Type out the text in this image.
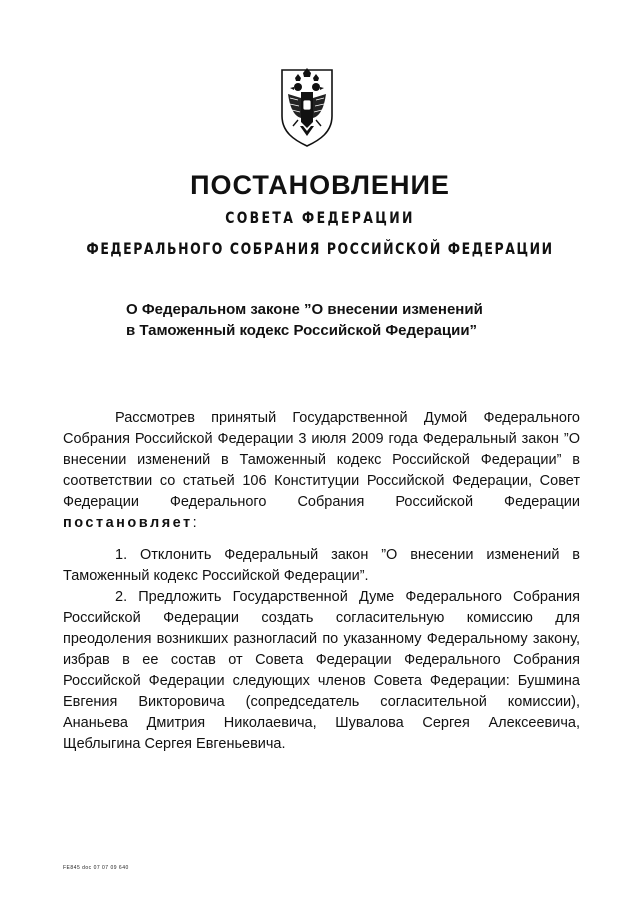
ПОСТАНОВЛЕНИЕ
СОВЕТА ФЕДЕРАЦИИ
ФЕДЕРАЛЬНОГО СОБРАНИЯ РОССИЙСКОЙ ФЕДЕРАЦИИ
О Федеральном законе ”О внесении изменений
в Таможенный кодекс Российской Федерации”

Рассмотрев принятый Государственной Думой Федерального Собрания Российской Федерации 3 июля 2009 года Федеральный закон ”О внесении изменений в Таможенный кодекс Российской Федерации” в соответствии со статьей 106 Конституции Российской Федерации, Совет Федерации Федерального Собрания Российской Федерации постановляет:

1. Отклонить Федеральный закон ”О внесении изменений в Таможенный кодекс Российской Федерации”.

2. Предложить Государственной Думе Федерального Собрания Российской Федерации создать согласительную комиссию для преодоления возникших разногласий по указанному Федеральному закону, избрав в ее состав от Совета Федерации Федерального Собрания Российской Федерации следующих членов Совета Федерации: Бушмина Евгения Викторовича (сопредседатель согласительной комиссии), Ананьева Дмитрия Николаевича, Шувалова Сергея Алексеевича, Щеблыгина Сергея Евгеньевича.

FE845 doc 07 07 09 640
